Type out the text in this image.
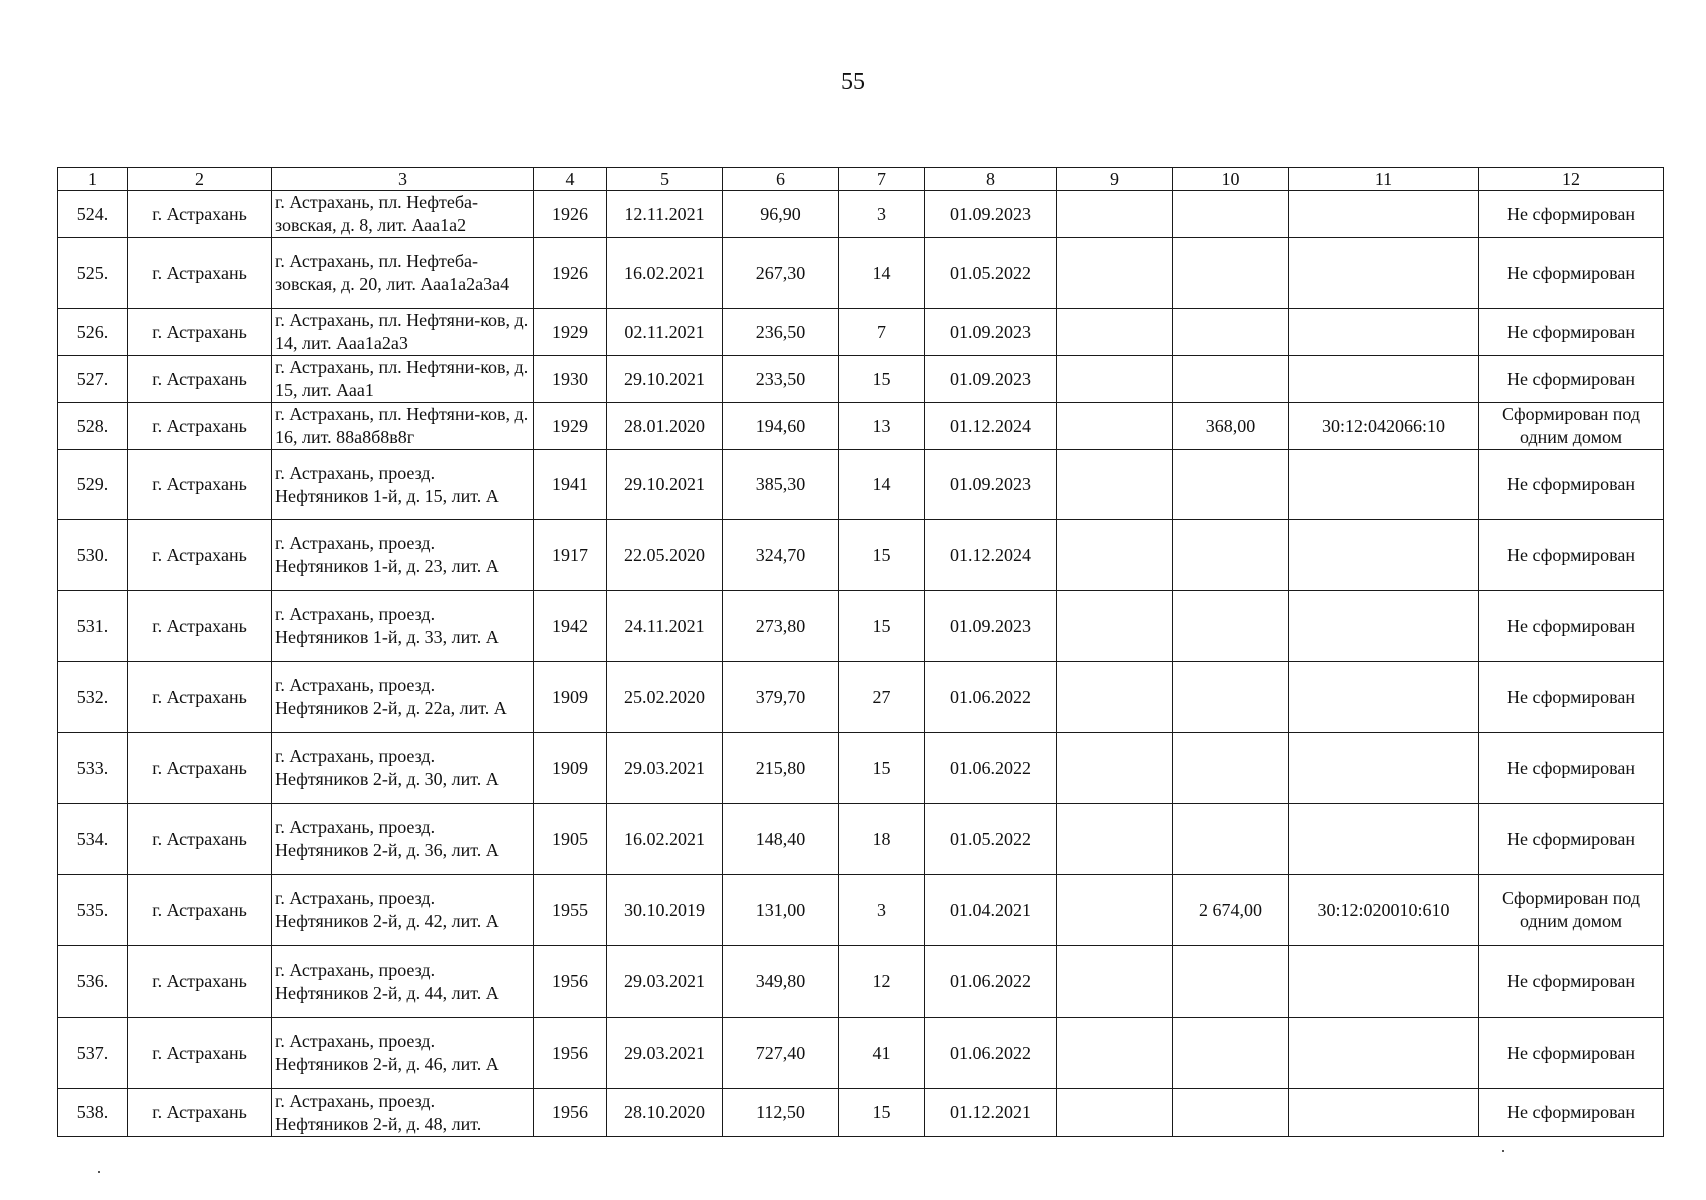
55
1	2	3	4	5	6	7	8	9	10	11	12
524.	г. Астрахань	г. Астрахань, пл. Нефтеба-зовская, д. 8, лит. Ааа1а2	1926	12.11.2021	96,90	3	01.09.2023				Не сформирован
525.	г. Астрахань	г. Астрахань, пл. Нефтеба-зовская, д. 20, лит. Ааа1а2а3а4	1926	16.02.2021	267,30	14	01.05.2022				Не сформирован
526.	г. Астрахань	г. Астрахань, пл. Нефтяни-ков, д. 14, лит. Ааа1а2а3	1929	02.11.2021	236,50	7	01.09.2023				Не сформирован
527.	г. Астрахань	г. Астрахань, пл. Нефтяни-ков, д. 15, лит. Ааа1	1930	29.10.2021	233,50	15	01.09.2023				Не сформирован
528.	г. Астрахань	г. Астрахань, пл. Нефтяни-ков, д. 16, лит. 88а8б8в8г	1929	28.01.2020	194,60	13	01.12.2024		368,00	30:12:042066:10	Сформирован под одним домом
529.	г. Астрахань	г. Астрахань, проезд. Нефтяников 1-й, д. 15, лит. А	1941	29.10.2021	385,30	14	01.09.2023				Не сформирован
530.	г. Астрахань	г. Астрахань, проезд. Нефтяников 1-й, д. 23, лит. А	1917	22.05.2020	324,70	15	01.12.2024				Не сформирован
531.	г. Астрахань	г. Астрахань, проезд. Нефтяников 1-й, д. 33, лит. А	1942	24.11.2021	273,80	15	01.09.2023				Не сформирован
532.	г. Астрахань	г. Астрахань, проезд. Нефтяников 2-й, д. 22а, лит. А	1909	25.02.2020	379,70	27	01.06.2022				Не сформирован
533.	г. Астрахань	г. Астрахань, проезд. Нефтяников 2-й, д. 30, лит. А	1909	29.03.2021	215,80	15	01.06.2022				Не сформирован
534.	г. Астрахань	г. Астрахань, проезд. Нефтяников 2-й, д. 36, лит. А	1905	16.02.2021	148,40	18	01.05.2022				Не сформирован
535.	г. Астрахань	г. Астрахань, проезд. Нефтяников 2-й, д. 42, лит. А	1955	30.10.2019	131,00	3	01.04.2021		2 674,00	30:12:020010:610	Сформирован под одним домом
536.	г. Астрахань	г. Астрахань, проезд. Нефтяников 2-й, д. 44, лит. А	1956	29.03.2021	349,80	12	01.06.2022				Не сформирован
537.	г. Астрахань	г. Астрахань, проезд. Нефтяников 2-й, д. 46, лит. А	1956	29.03.2021	727,40	41	01.06.2022				Не сформирован
538.	г. Астрахань	г. Астрахань, проезд. Нефтяников 2-й, д. 48, лит.	1956	28.10.2020	112,50	15	01.12.2021				Не сформирован
